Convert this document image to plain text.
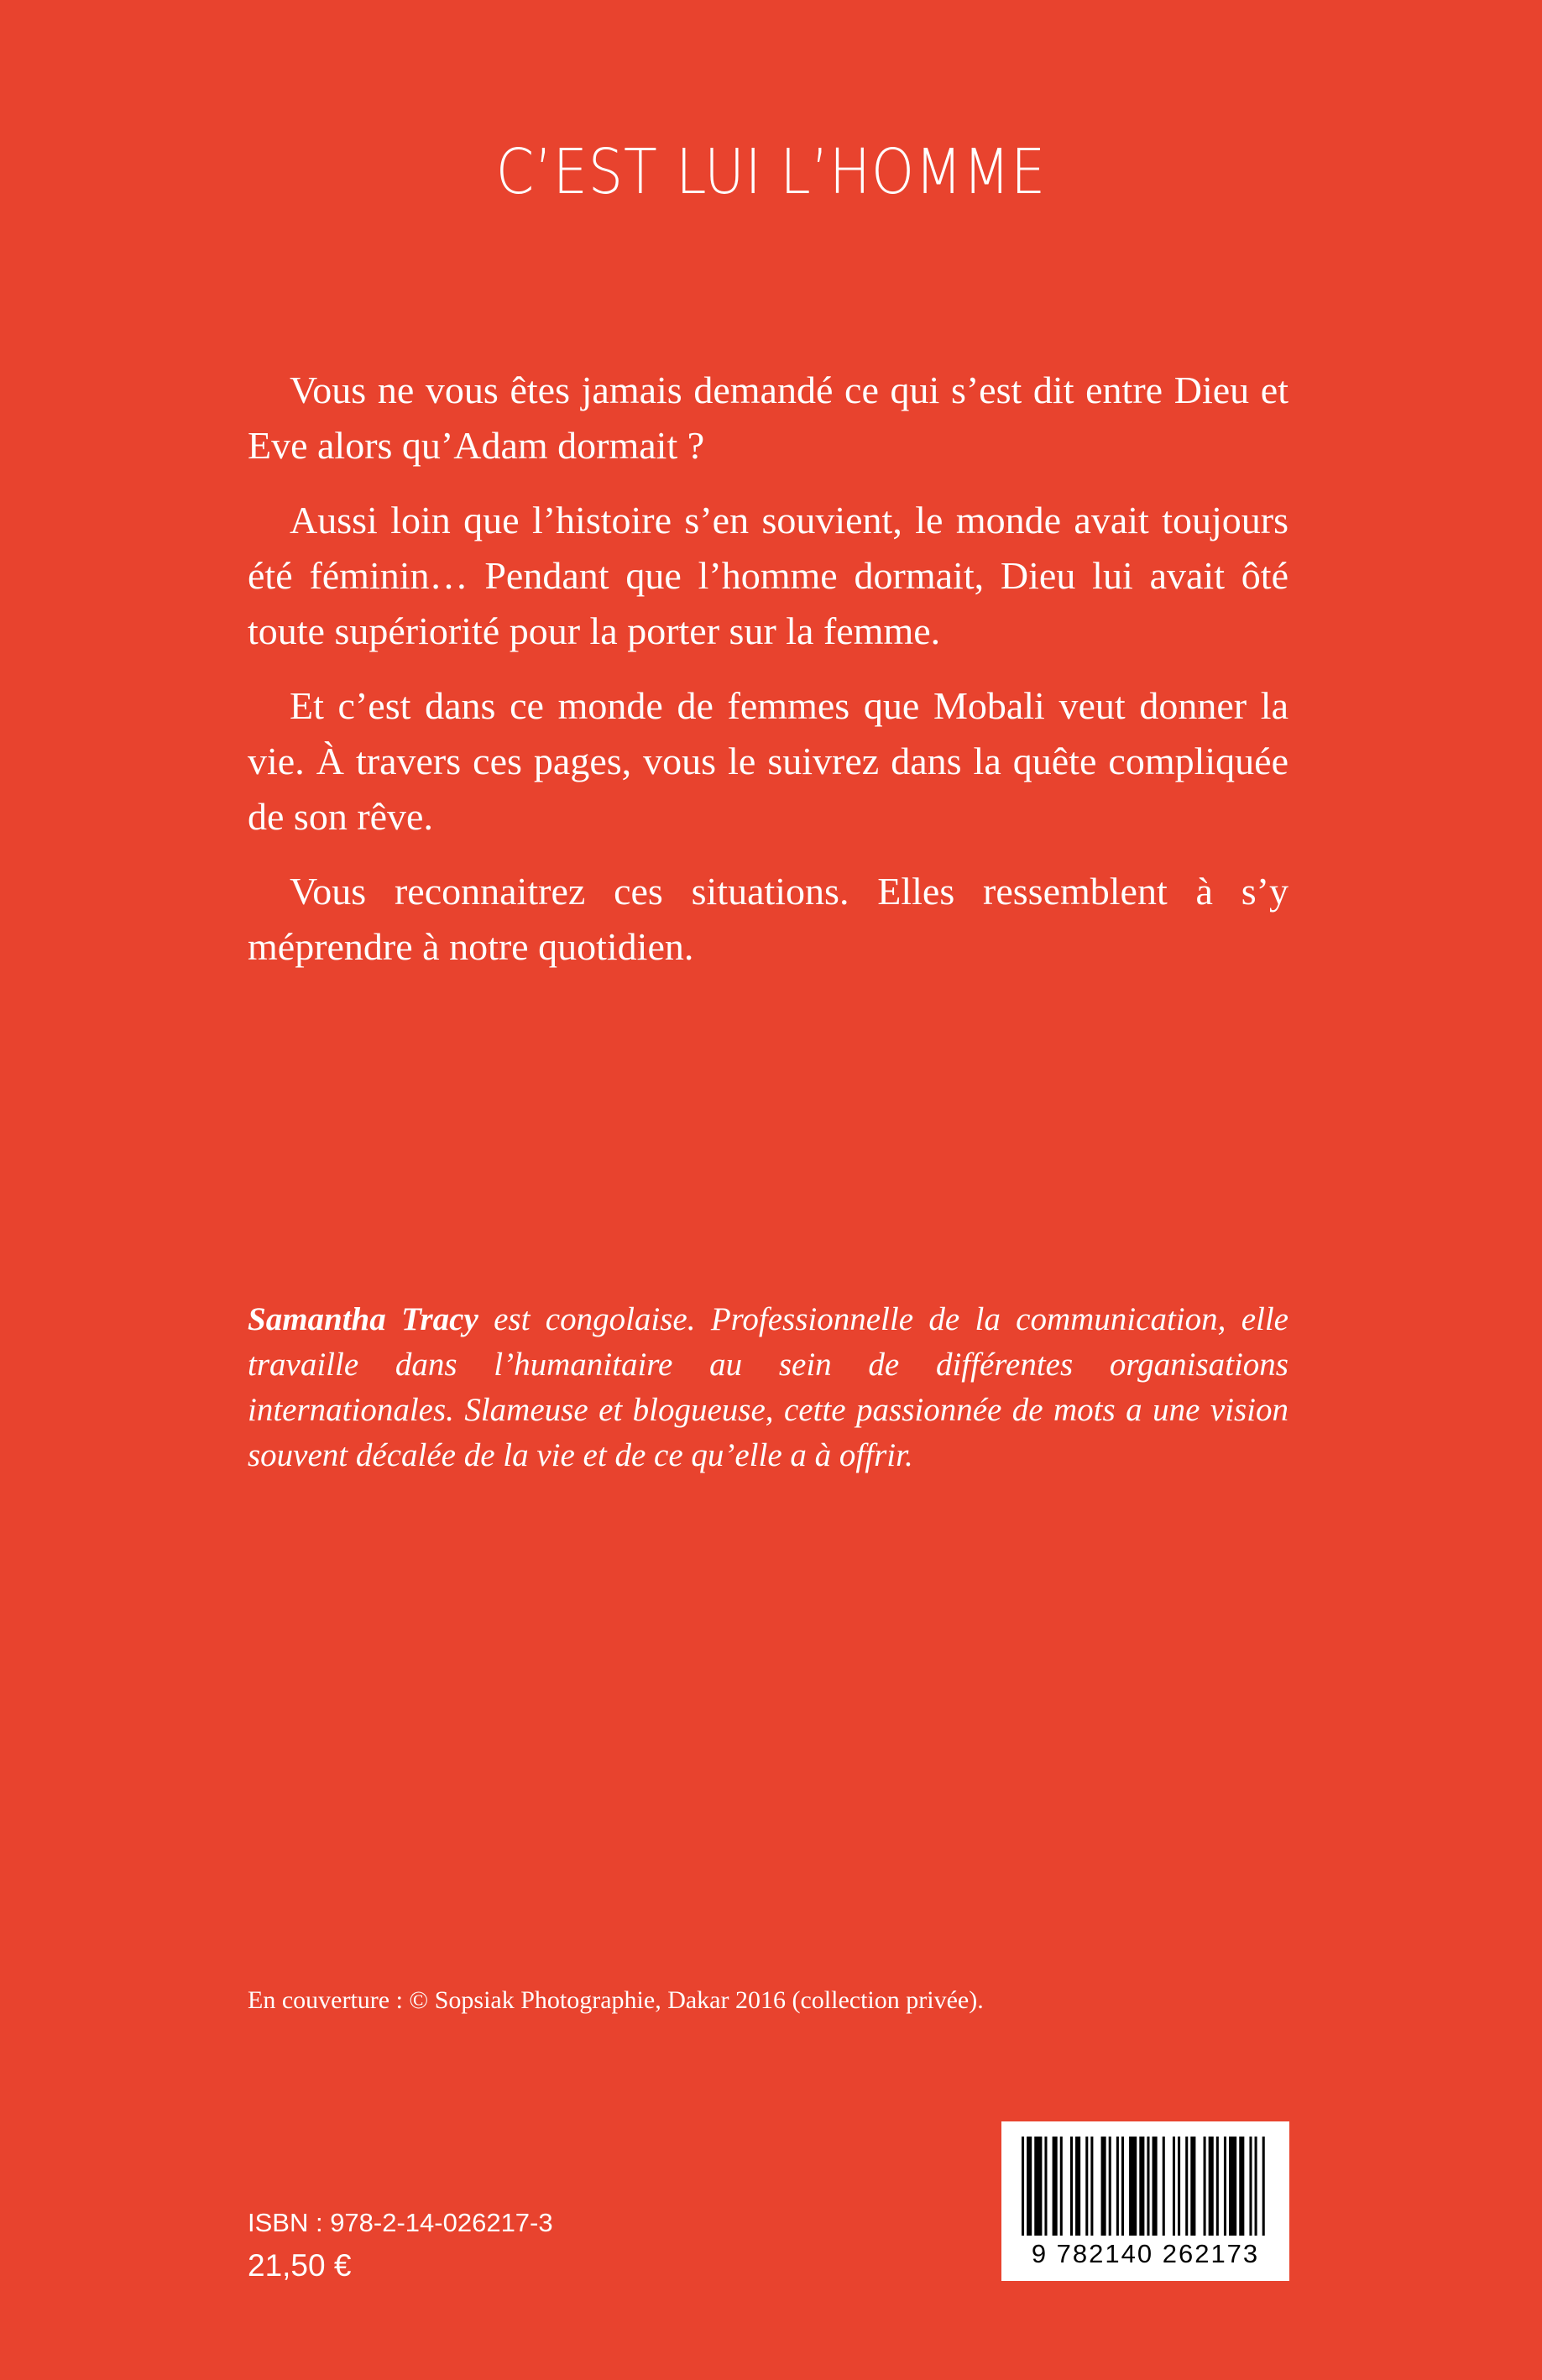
C’EST LUI L’HOMME

Vous ne vous êtes jamais demandé ce qui s’est dit entre Dieu et Eve alors qu’Adam dormait ?

Aussi loin que l’histoire s’en souvient, le monde avait toujours été féminin… Pendant que l’homme dormait, Dieu lui avait ôté toute supériorité pour la porter sur la femme.

Et c’est dans ce monde de femmes que Mobali veut donner la vie. À travers ces pages, vous le suivrez dans la quête compliquée de son rêve.

Vous reconnaitrez ces situations. Elles ressemblent à s’y méprendre à notre quotidien.

Samantha Tracy est congolaise. Professionnelle de la communication, elle travaille dans l’humanitaire au sein de différentes organisations internationales. Slameuse et blogueuse, cette passionnée de mots a une vision souvent décalée de la vie et de ce qu’elle a à offrir.

En couverture : © Sopsiak Photographie, Dakar 2016 (collection privée).

ISBN : 978-2-14-026217-3

21,50 €	9 782140 262173
